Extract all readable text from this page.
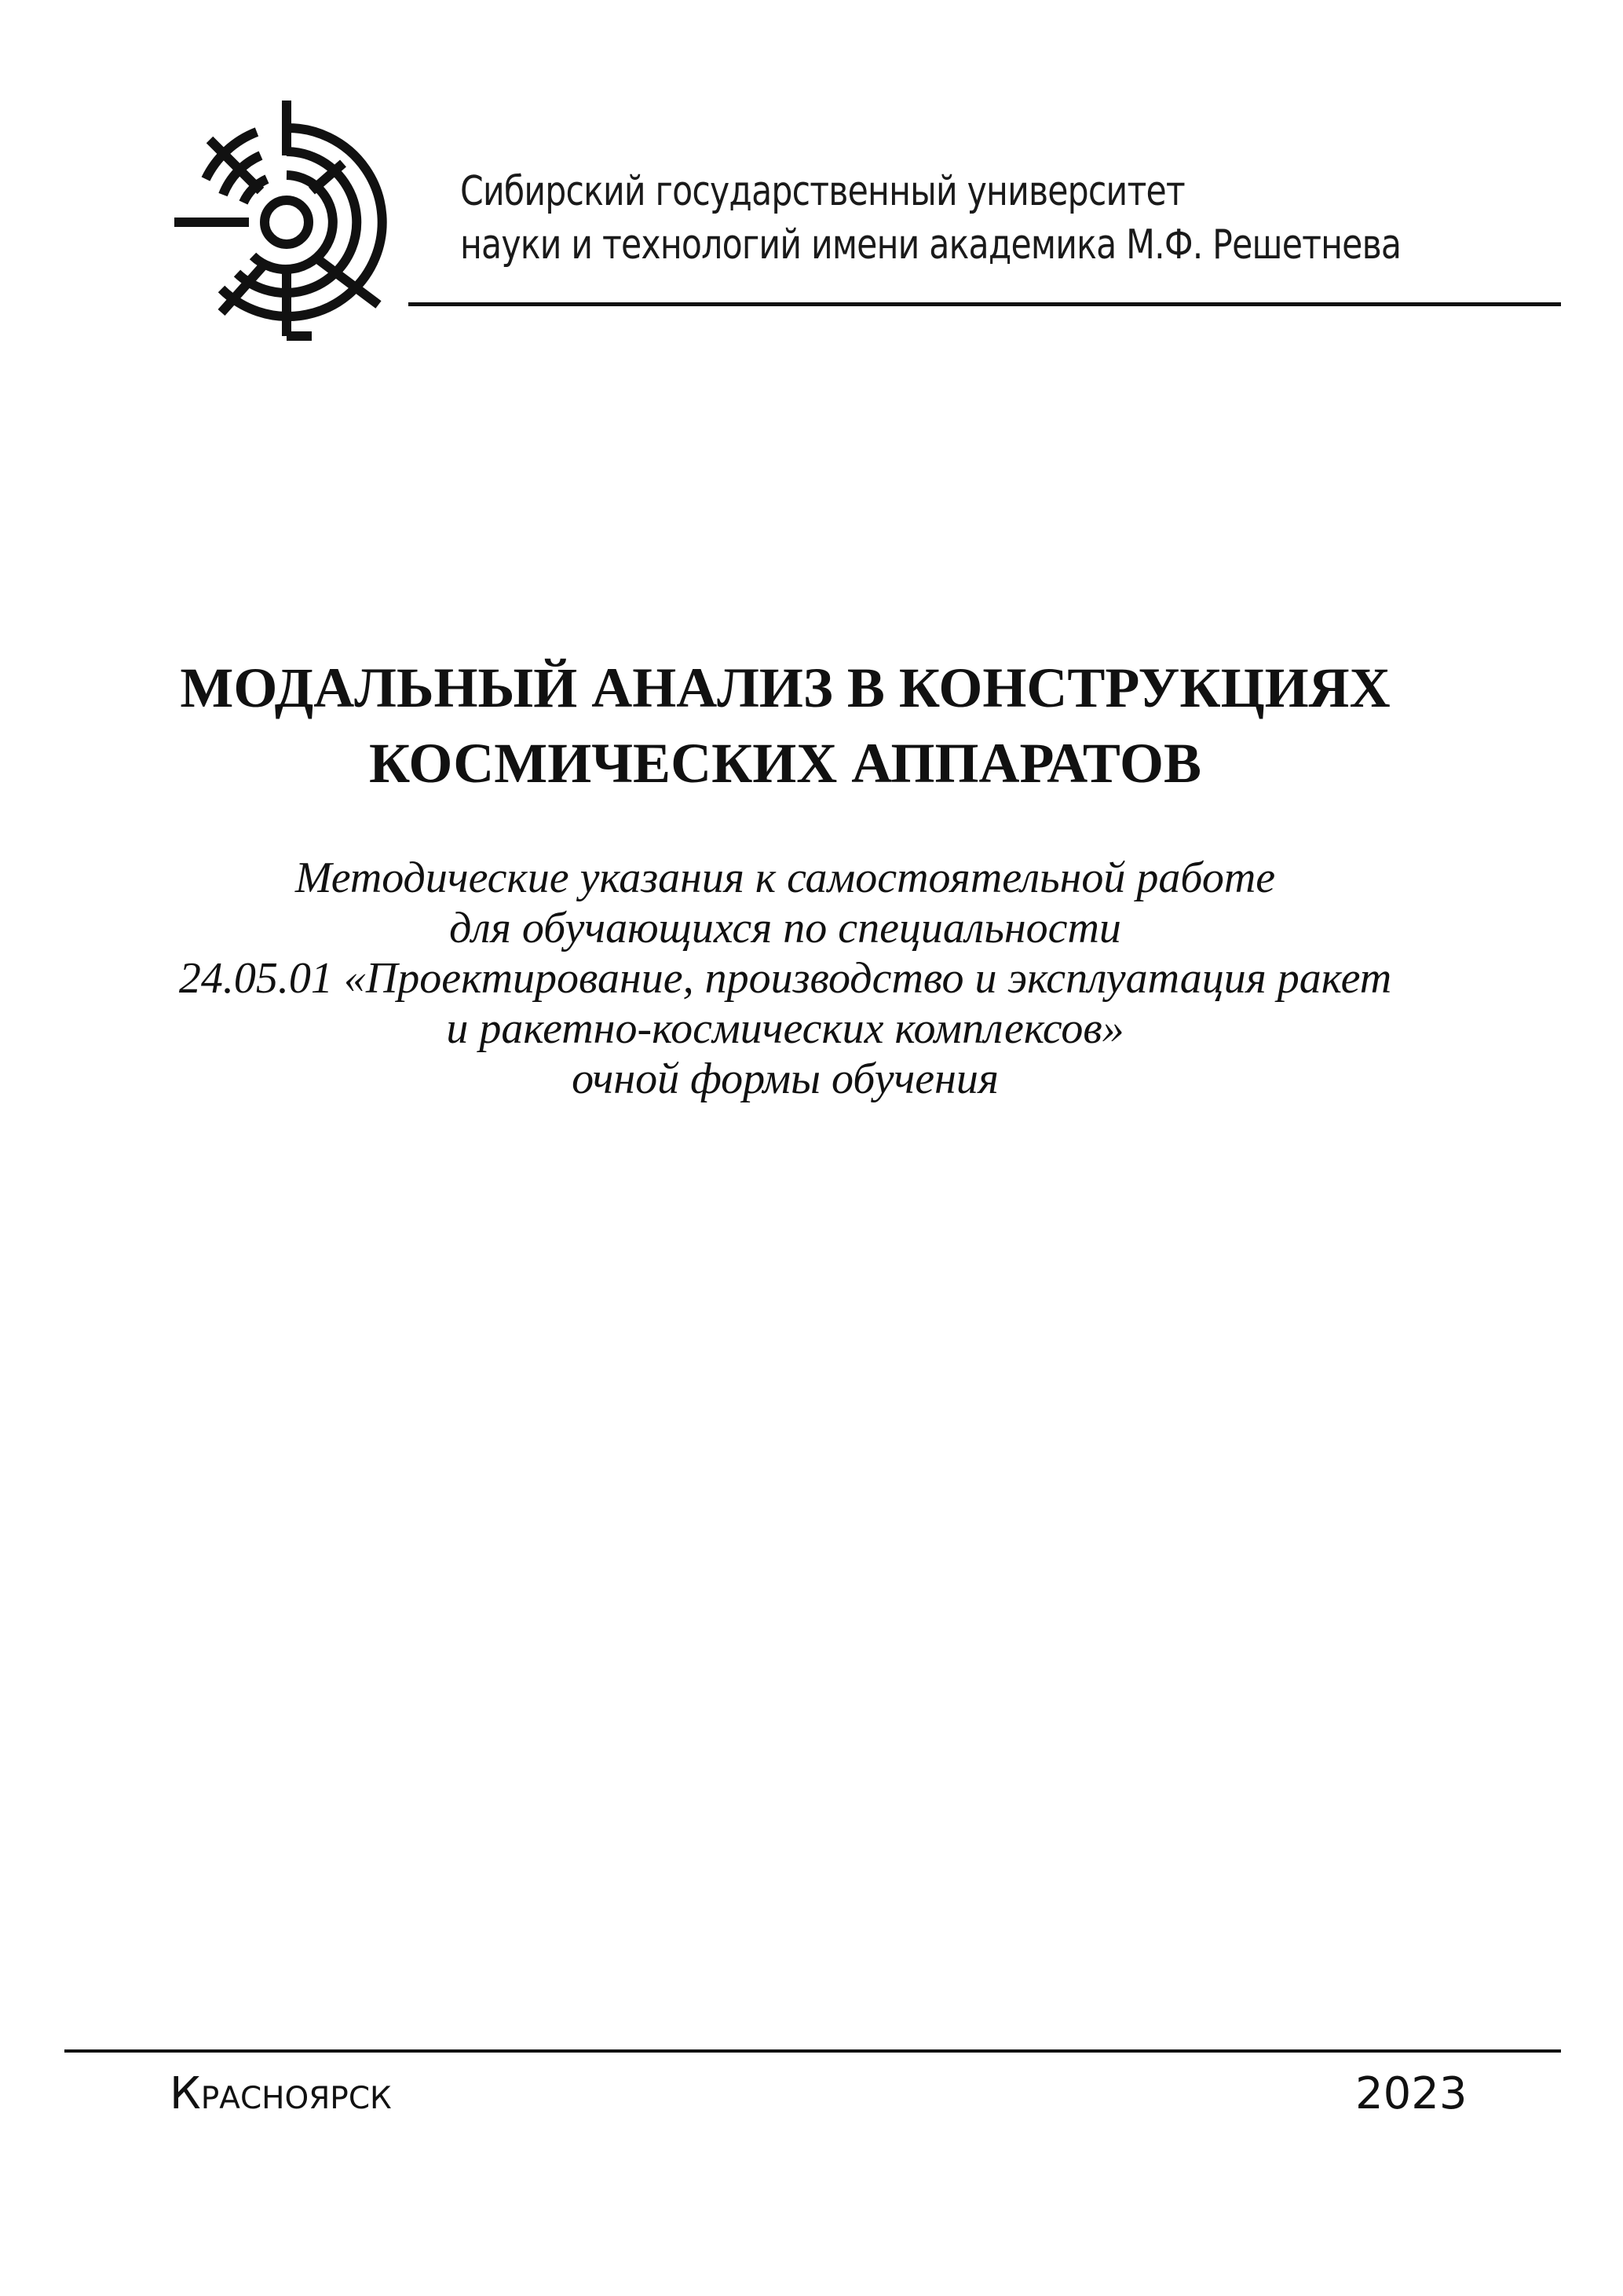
Сибирский государственный университет
науки и технологий имени академика М.Ф. Решетнева
МОДАЛЬНЫЙ АНАЛИЗ В КОНСТРУКЦИЯХ
КОСМИЧЕСКИХ АППАРАТОВ
Методические указания к самостоятельной работе
для обучающихся по специальности
24.05.01 «Проектирование, производство и эксплуатация ракет
и ракетно-космических комплексов»
очной формы обучения
Красноярск	2023
